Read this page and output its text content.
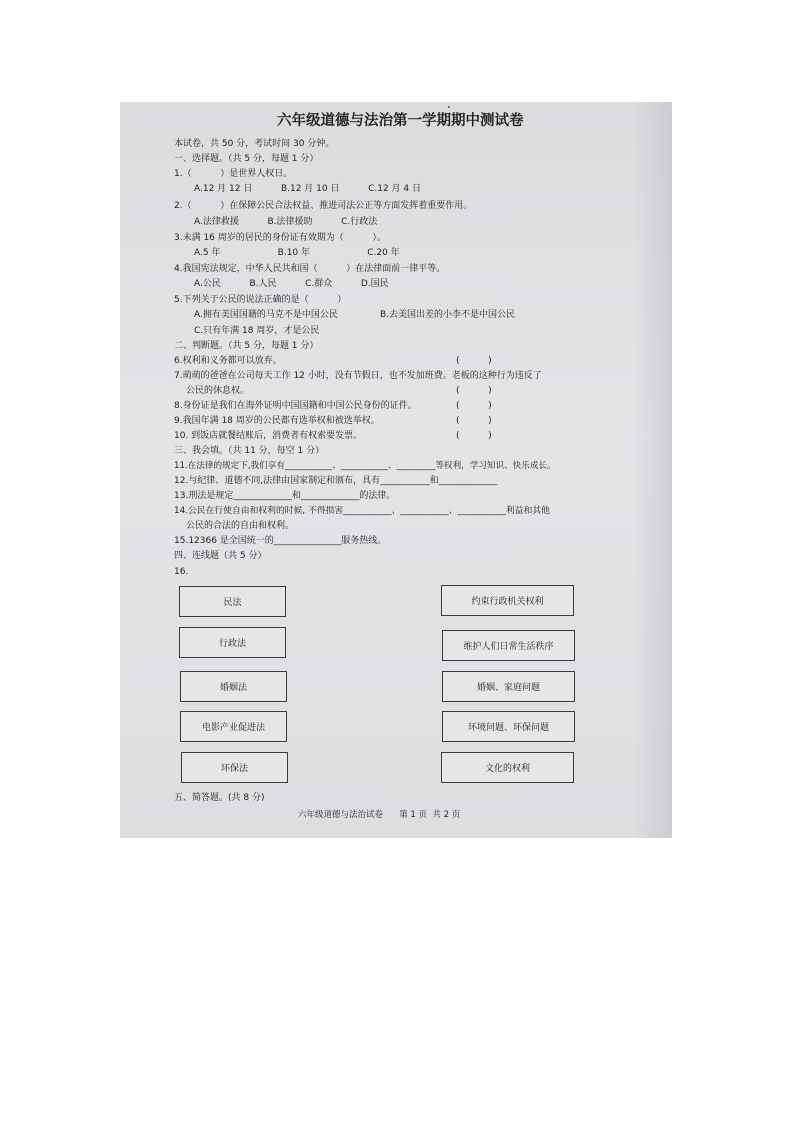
六年级道德与法治第一学期期中测试卷
本试卷，共 50 分，考试时间 30 分钟。
一、选择题。（共 5 分，每题 1 分）
1.（          ）是世界人权日。
A.12 月 12 日          B.12 月 10 日          C.12 月 4 日
2.（          ）在保障公民合法权益、推进司法公正等方面发挥着重要作用。
A.法律救援          B.法律援助          C.行政法
3.未满 16 周岁的居民的身份证有效期为（          ）。
A.5 年                    B.10 年                    C.20 年
4.我国宪法规定，中华人民共和国（          ）在法律面前一律平等。
A.公民          B.人民          C.群众          D.国民
5.下列关于公民的说法正确的是（          ）
A.拥有美国国籍的马克不是中国公民	B.去美国出差的小李不是中国公民
C.只有年满 18 周岁，才是公民
二、判断题。（共 5 分，每题 1 分）
6.权利和义务都可以放弃。	(          )
7.萌萌的爸爸在公司每天工作 12 小时，没有节假日，也不发加班费。老板的这种行为违反了
公民的休息权。	(          )
8.身份证是我们在海外证明中国国籍和中国公民身份的证件。	(          )
9.我国年满 18 周岁的公民都有选举权和被选举权。	(          )
10. 到饭店就餐结账后，消费者有权索要发票。	(          )
三、我会填。（共 11 分，每空 1 分）
11.在法律的规定下,我们享有___________、___________、_________等权利，学习知识、快乐成长。
12.与纪律、道德不同,法律由国家制定和颁布，具有___________和_____________
13.刑法是规定_____________和_____________的法律。
14.公民在行使自由和权利的时候, 不得损害___________、___________、___________利益和其他
公民的合法的自由和权利。
15.12366 是全国统一的_______________服务热线。
四、连线题（共 5 分）
16.
民法
行政法
婚姻法
电影产业促进法
环保法
约束行政机关权利
维护人们日常生活秩序
婚姻、家庭问题
环境问题、环保问题
文化的权利
五、简答题。(共 8 分)
六年级道德与法治试卷      第 1 页  共 2 页
